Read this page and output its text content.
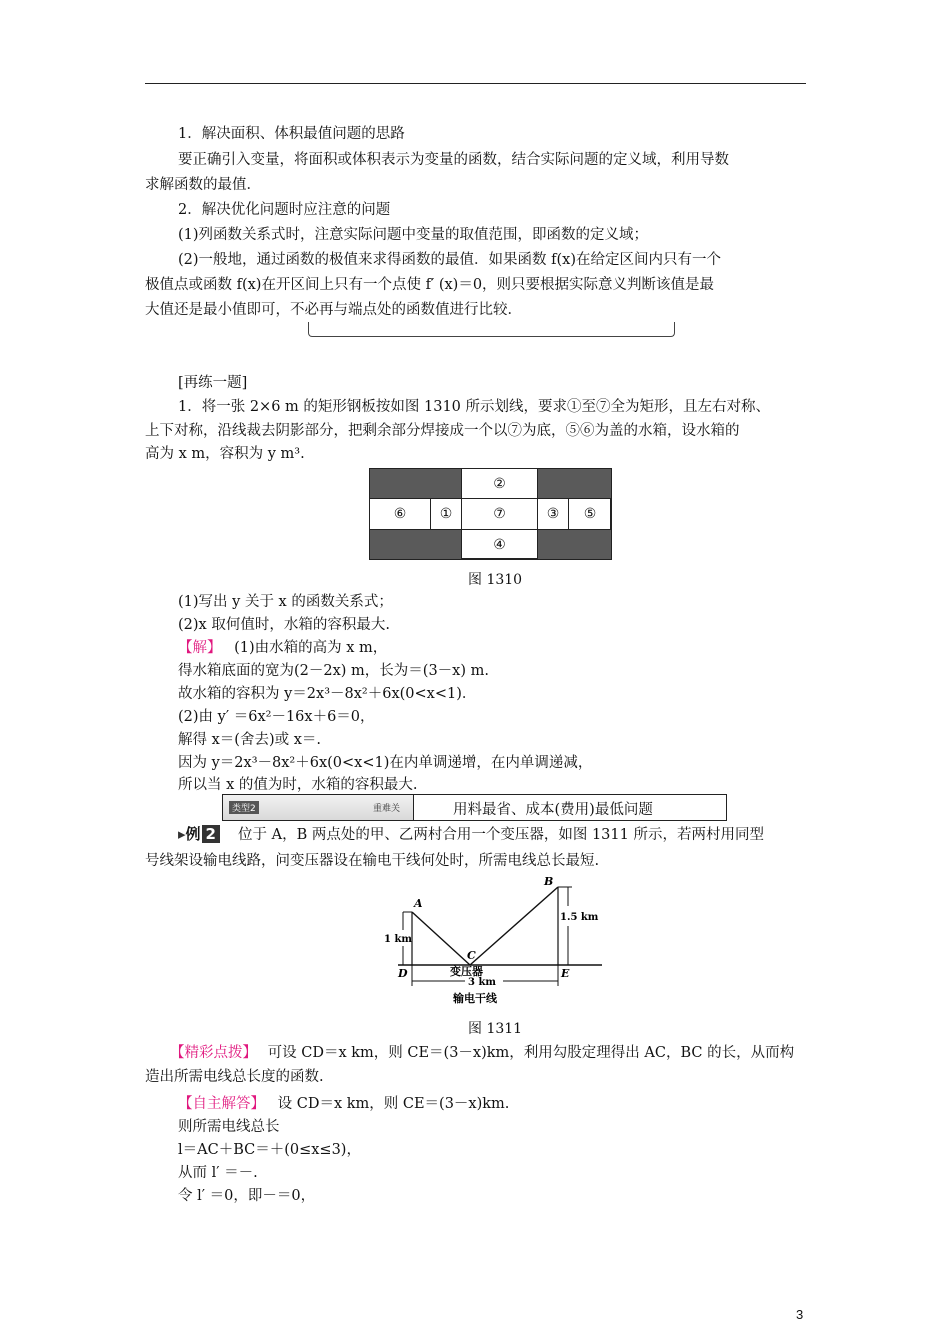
1．解决面积、体积最值问题的思路
要正确引入变量，将面积或体积表示为变量的函数，结合实际问题的定义域，利用导数
求解函数的最值．
2．解决优化问题时应注意的问题
(1)列函数关系式时，注意实际问题中变量的取值范围，即函数的定义域；
(2)一般地，通过函数的极值来求得函数的最值．如果函数 f(x)在给定区间内只有一个
极值点或函数 f(x)在开区间上只有一个点使 f′ (x)＝0，则只要根据实际意义判断该值是最
大值还是最小值即可，不必再与端点处的函数值进行比较．
[再练一题]
1．将一张 2×6 m 的矩形钢板按如图 1310 所示划线，要求①至⑦全为矩形，且左右对称、
上下对称，沿线裁去阴影部分，把剩余部分焊接成一个以⑦为底，⑤⑥为盖的水箱，设水箱的
高为 x m，容积为 y m³.
②
⑥	①	⑦	③	⑤
④
图 1310
(1)写出 y 关于 x 的函数关系式；
(2)x 取何值时，水箱的容积最大.
【解】 (1)由水箱的高为 x m，
得水箱底面的宽为(2－2x) m，长为＝(3－x) m.
故水箱的容积为 y＝2x³－8x²＋6x(0<x<1)．
(2)由 y′ ＝6x²－16x＋6＝0，
解得 x＝(舍去)或 x＝.
因为 y＝2x³－8x²＋6x(0<x<1)在内单调递增，在内单调递减，
所以当 x 的值为时，水箱的容积最大.
类型2	重难关	用料最省、成本(费用)最低问题
▸例 2 位于 A，B 两点处的甲、乙两村合用一个变压器，如图 1311 所示，若两村用同型
号线架设输电线路，问变压器设在输电干线何处时，所需电线总长最短.
A
B
C
D	E
1 km
1.5 km
变压器
3 km
输电干线
图 1311
【精彩点拨】 可设 CD＝x km，则 CE＝(3－x)km，利用勾股定理得出 AC，BC 的长，从而构
造出所需电线总长度的函数.
【自主解答】 设 CD＝x km，则 CE＝(3－x)km.
则所需电线总长
l＝AC＋BC＝＋(0≤x≤3)，
从而 l′ ＝－.
令 l′ ＝0，即－＝0，
3
